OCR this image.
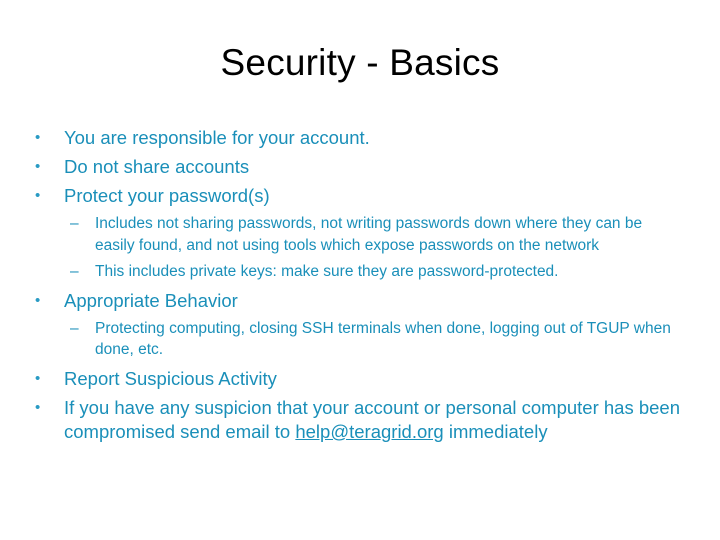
Security - Basics
• You are responsible for your account.
• Do not share accounts
• Protect your password(s)
– Includes not sharing passwords, not writing passwords down where they can be easily found, and not using tools which expose passwords on the network
– This includes private keys: make sure they are password-protected.
• Appropriate Behavior
– Protecting computing, closing SSH terminals when done, logging out of TGUP when done, etc.
• Report Suspicious Activity
• If you have any suspicion that your account or personal computer has been compromised send email to help@teragrid.org immediately
